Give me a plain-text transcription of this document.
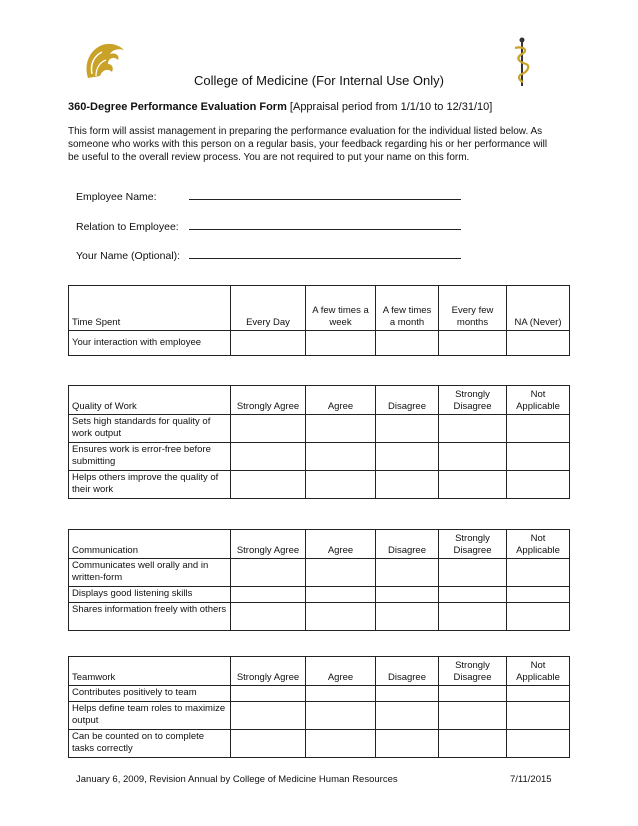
College of Medicine (For Internal Use Only)
360-Degree Performance Evaluation Form [Appraisal period from 1/1/10 to 12/31/10]
This form will assist management in preparing the performance evaluation for the individual listed below. As someone who works with this person on a regular basis, your feedback regarding his or her performance will be useful to the overall review process. You are not required to put your name on this form.
Employee Name:
Relation to Employee:
Your Name (Optional):
Time Spent	Every Day	A few times a week	A few times a month	Every few months	NA (Never)
Your interaction with employee					
Quality of Work	Strongly Agree	Agree	Disagree	Strongly Disagree	Not Applicable
Sets high standards for quality of work output					
Ensures work is error-free before submitting					
Helps others improve the quality of their work					
Communication	Strongly Agree	Agree	Disagree	Strongly Disagree	Not Applicable
Communicates well orally and in written-form					
Displays good listening skills					
Shares information freely with others					
Teamwork	Strongly Agree	Agree	Disagree	Strongly Disagree	Not Applicable
Contributes positively to team					
Helps define team roles to maximize output					
Can be counted on to complete tasks correctly					
January 6, 2009, Revision Annual by College of Medicine Human Resources	7/11/2015
